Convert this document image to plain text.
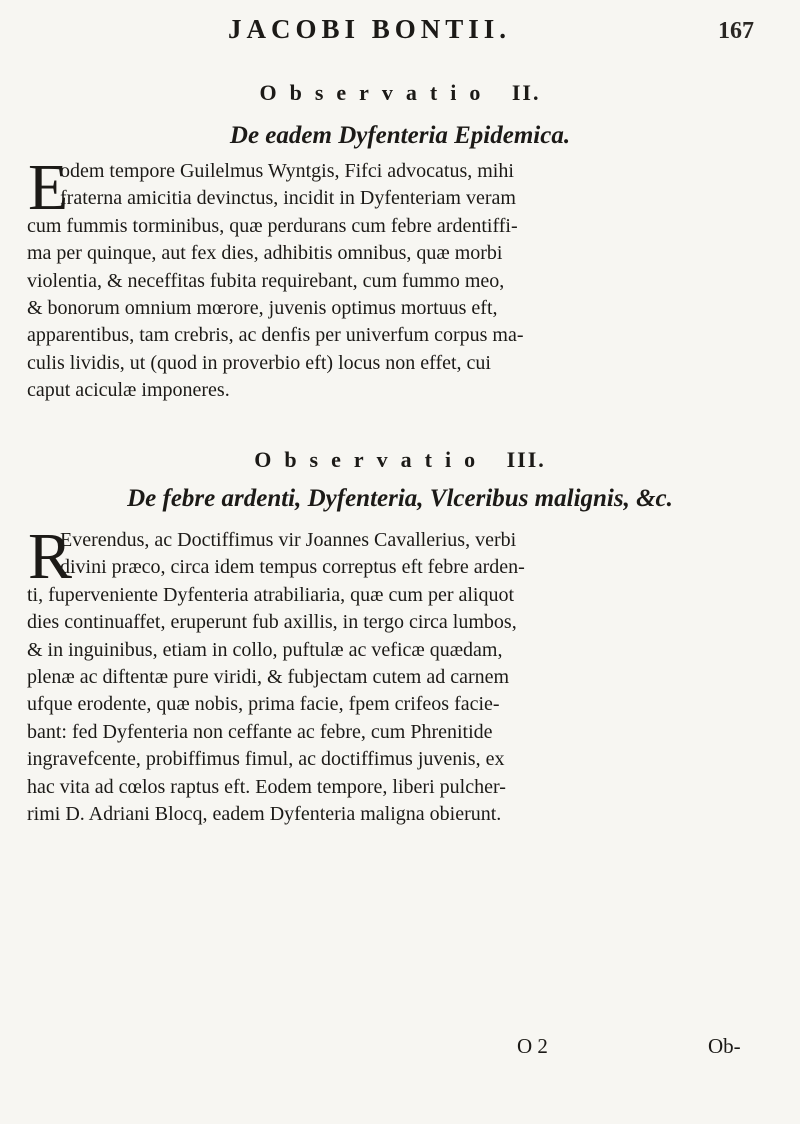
JACOBI BONTII.	167
Observatio II.
De eadem Dyfenteria Epidemica.
E
odem tempore Guilelmus Wyntgis, Fifci advocatus, mihi
fraterna amicitia devinctus, incidit in Dyfenteriam veram
cum fummis torminibus, quæ perdurans cum febre ardentiffi-
ma per quinque, aut fex dies, adhibitis omnibus, quæ morbi
violentia, & neceffitas fubita requirebant, cum fummo meo,
& bonorum omnium mœrore, juvenis optimus mortuus eft,
apparentibus, tam crebris, ac denfis per univerfum corpus ma-
culis lividis, ut (quod in proverbio eft) locus non effet, cui
caput aciculæ imponeres.
Observatio III.
De febre ardenti, Dyfenteria, Vlceribus malignis, &c.
R
Everendus, ac Doctiffimus vir Joannes Cavallerius, verbi
divini præco, circa idem tempus correptus eft febre arden-
ti, fuperveniente Dyfenteria atrabiliaria, quæ cum per aliquot
dies continuaffet, eruperunt fub axillis, in tergo circa lumbos,
& in inguinibus, etiam in collo, puftulæ ac veficæ quædam,
plenæ ac diftentæ pure viridi, & fubjectam cutem ad carnem
ufque erodente, quæ nobis, prima facie, fpem crifeos facie-
bant: fed Dyfenteria non ceffante ac febre, cum Phrenitide
ingravefcente, probiffimus fimul, ac doctiffimus juvenis, ex
hac vita ad cœlos raptus eft. Eodem tempore, liberi pulcher-
rimi D. Adriani Blocq, eadem Dyfenteria maligna obierunt.
O 2	Ob-
